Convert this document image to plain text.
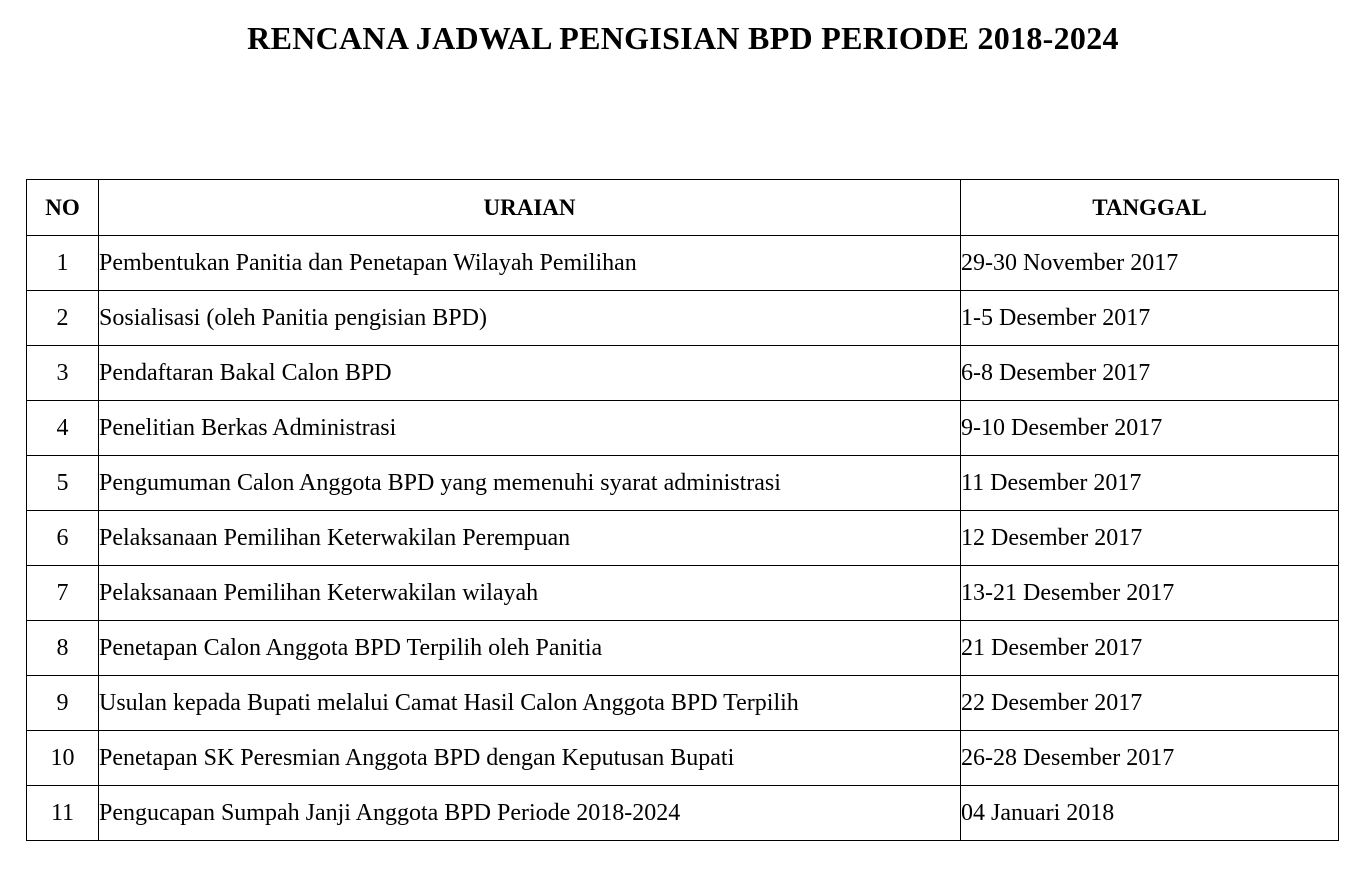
RENCANA JADWAL PENGISIAN BPD PERIODE 2018-2024
NO	URAIAN	TANGGAL
1	Pembentukan Panitia dan Penetapan Wilayah Pemilihan	29-30 November 2017
2	Sosialisasi (oleh Panitia pengisian BPD)	1-5 Desember 2017
3	Pendaftaran Bakal Calon BPD	6-8 Desember 2017
4	Penelitian Berkas Administrasi	9-10 Desember 2017
5	Pengumuman Calon Anggota BPD yang memenuhi syarat administrasi	11 Desember 2017
6	Pelaksanaan Pemilihan Keterwakilan Perempuan	12 Desember 2017
7	Pelaksanaan Pemilihan Keterwakilan wilayah	13-21 Desember 2017
8	Penetapan Calon Anggota BPD Terpilih oleh Panitia	21 Desember 2017
9	Usulan kepada Bupati melalui Camat Hasil Calon Anggota BPD Terpilih	22 Desember 2017
10	Penetapan SK Peresmian Anggota BPD dengan Keputusan Bupati	26-28 Desember 2017
11	Pengucapan Sumpah Janji Anggota BPD Periode 2018-2024	04 Januari 2018
